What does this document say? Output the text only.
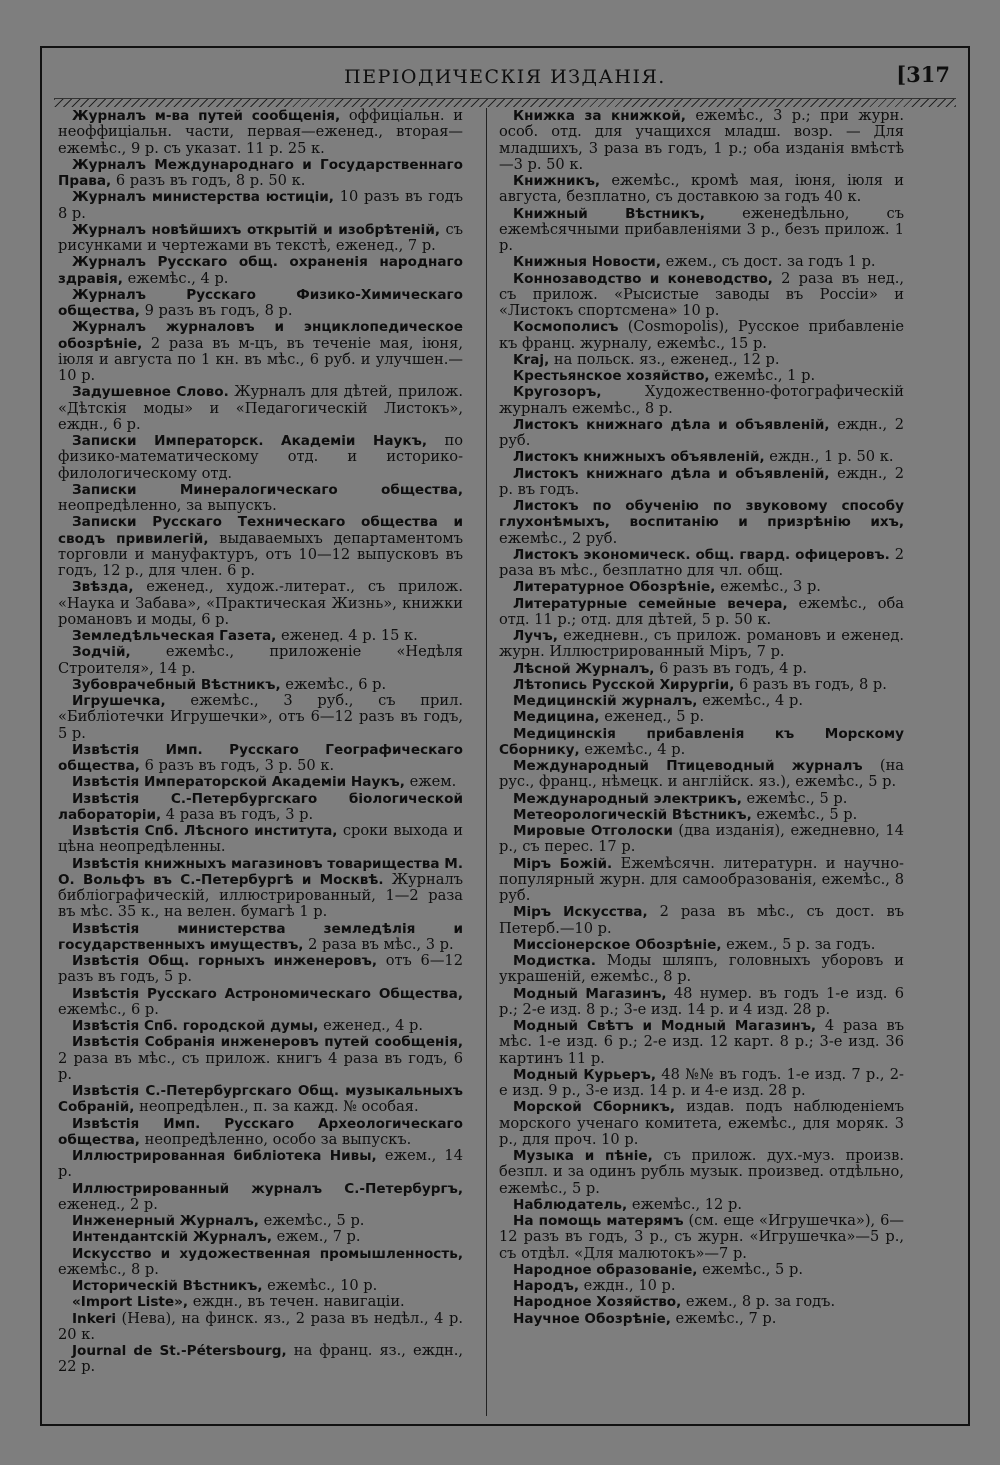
ПЕРІОДИЧЕСКІЯ ИЗДАНІЯ.	[317

Журналъ м-ва путей сообщенія, оффиціальн. и неоффиціальн. части, первая—еженед., вторая—ежемѣс., 9 р. съ указат. 11 р. 25 к.

Журналъ Международнаго и Государственнаго Права, 6 разъ въ годъ, 8 р. 50 к.

Журналъ министерства юстиціи, 10 разъ въ годъ 8 р.

Журналъ новѣйшихъ открытій и изобрѣтеній, съ рисунками и чертежами въ текстѣ, еженед., 7 р.

Журналъ Русскаго общ. охраненія народнаго здравія, ежемѣс., 4 р.

Журналъ Русскаго Физико-Химическаго общества, 9 разъ въ годъ, 8 р.

Журналъ журналовъ и энциклопедическое обозрѣніе, 2 раза въ м-цъ, въ теченіе мая, іюня, іюля и августа по 1 кн. въ мѣс., 6 руб. и улучшен.—10 р.

Задушевное Слово. Журналъ для дѣтей, прилож. «Дѣтскія моды» и «Педагогическій Листокъ», еждн., 6 р.

Записки Императорск. Академіи Наукъ, по физико-математическому отд. и историко-филологическому отд.

Записки Минералогическаго общества, неопредѣленно, за выпускъ.

Записки Русскаго Техническаго общества и сводъ привилегій, выдаваемыхъ департаментомъ торговли и мануфактуръ, отъ 10—12 выпусковъ въ годъ, 12 р., для член. 6 р.

Звѣзда, еженед., худож.-литерат., съ прилож. «Наука и Забава», «Практическая Жизнь», книжки романовъ и моды, 6 р.

Земледѣльческая Газета, еженед. 4 р. 15 к.

Зодчій, ежемѣс., приложеніе «Недѣля Строителя», 14 р.

Зубоврачебный Вѣстникъ, ежемѣс., 6 р.

Игрушечка, ежемѣс., 3 руб., съ прил. «Библіотечки Игрушечки», отъ 6—12 разъ въ годъ, 5 р.

Извѣстія Имп. Русскаго Географическаго общества, 6 разъ въ годъ, 3 р. 50 к.

Извѣстія Императорской Академіи Наукъ, ежем.

Извѣстія С.-Петербургскаго біологической лабораторіи, 4 раза въ годъ, 3 р.

Извѣстія Спб. Лѣсного института, сроки выхода и цѣна неопредѣленны.

Извѣстія книжныхъ магазиновъ товарищества М. О. Вольфъ въ С.-Петербургѣ и Москвѣ. Журналъ библіографическій, иллюстрированный, 1—2 раза въ мѣс. 35 к., на велен. бумагѣ 1 р.

Извѣстія министерства земледѣлія и государственныхъ имуществъ, 2 раза въ мѣс., 3 р.

Извѣстія Общ. горныхъ инженеровъ, отъ 6—12 разъ въ годъ, 5 р.

Извѣстія Русскаго Астрономическаго Общества, ежемѣс., 6 р.

Извѣстія Спб. городской думы, еженед., 4 р.

Извѣстія Собранія инженеровъ путей сообщенія, 2 раза въ мѣс., съ прилож. книгъ 4 раза въ годъ, 6 р.

Извѣстія С.-Петербургскаго Общ. музыкальныхъ Собраній, неопредѣлен., п. за кажд. № особая.

Извѣстія Имп. Русскаго Археологическаго общества, неопредѣленно, особо за выпускъ.

Иллюстрированная библіотека Нивы, ежем., 14 р.

Иллюстрированный журналъ С.-Петербургъ, еженед., 2 р.

Инженерный Журналъ, ежемѣс., 5 р.

Интендантскій Журналъ, ежем., 7 р.

Искусство и художественная промышленность, ежемѣс., 8 р.

Историческій Вѣстникъ, ежемѣс., 10 р.

«Import Liste», еждн., въ течен. навигаціи.

Inkeri (Нева), на финск. яз., 2 раза въ недѣл., 4 р. 20 к.

Journal de St.-Pétersbourg, на франц. яз., еждн., 22 р.

Книжка за книжкой, ежемѣс., 3 р.; при журн. особ. отд. для учащихся младш. возр. — Для младшихъ, 3 раза въ годъ, 1 р.; оба изданія вмѣстѣ—3 р. 50 к.

Книжникъ, ежемѣс., кромѣ мая, іюня, іюля и августа, безплатно, съ доставкою за годъ 40 к.

Книжный Вѣстникъ, еженедѣльно, съ ежемѣсячными прибавленіями 3 р., безъ прилож. 1 р.

Книжныя Новости, ежем., съ дост. за годъ 1 р.

Коннозаводство и коневодство, 2 раза въ нед., съ прилож. «Рысистые заводы въ Россіи» и «Листокъ спортсмена» 10 р.

Космополисъ (Cosmopolis), Русское прибавленіе къ франц. журналу, ежемѣс., 15 р.

Kraj, на польск. яз., еженед., 12 р.

Крестьянское хозяйство, ежемѣс., 1 р.

Кругозоръ, Художественно-фотографическій журналъ ежемѣс., 8 р.

Листокъ книжнаго дѣла и объявленій, еждн., 2 руб.

Листокъ книжныхъ объявленій, еждн., 1 р. 50 к.

Листокъ книжнаго дѣла и объявленій, еждн., 2 р. въ годъ.

Листокъ по обученію по звуковому способу глухонѣмыхъ, воспитанію и призрѣнію ихъ, ежемѣс., 2 руб.

Листокъ экономическ. общ. гвард. офицеровъ. 2 раза въ мѣс., безплатно для чл. общ.

Литературное Обозрѣніе, ежемѣс., 3 р.

Литературные семейные вечера, ежемѣс., оба отд. 11 р.; отд. для дѣтей, 5 р. 50 к.

Лучъ, ежедневн., съ прилож. романовъ и еженед. журн. Иллюстрированный Міръ, 7 р.

Лѣсной Журналъ, 6 разъ въ годъ, 4 р.

Лѣтопись Русской Хирургіи, 6 разъ въ годъ, 8 р.

Медицинскій журналъ, ежемѣс., 4 р.

Медицина, еженед., 5 р.

Медицинскія прибавленія къ Морскому Сборнику, ежемѣс., 4 р.

Международный Птицеводный журналъ (на рус., франц., нѣмецк. и англійск. яз.), ежемѣс., 5 р.

Международный электрикъ, ежемѣс., 5 р.

Метеорологическій Вѣстникъ, ежемѣс., 5 р.

Мировые Отголоски (два изданія), ежедневно, 14 р., съ перес. 17 р.

Міръ Божій. Ежемѣсячн. литературн. и научно-популярный журн. для самообразованія, ежемѣс., 8 руб.

Міръ Искусства, 2 раза въ мѣс., съ дост. въ Петерб.—10 р.

Миссіонерское Обозрѣніе, ежем., 5 р. за годъ.

Модистка. Моды шляпъ, головныхъ уборовъ и украшеній, ежемѣс., 8 р.

Модный Магазинъ, 48 нумер. въ годъ 1-е изд. 6 р.; 2-е изд. 8 р.; 3-е изд. 14 р. и 4 изд. 28 р.

Модный Свѣтъ и Модный Магазинъ, 4 раза въ мѣс. 1-е изд. 6 р.; 2-е изд. 12 карт. 8 р.; 3-е изд. 36 картинъ 11 р.

Модный Курьеръ, 48 №№ въ годъ. 1-е изд. 7 р., 2-е изд. 9 р., 3-е изд. 14 р. и 4-е изд. 28 р.

Морской Сборникъ, издав. подъ наблюденіемъ морского ученаго комитета, ежемѣс., для моряк. 3 р., для проч. 10 р.

Музыка и пѣніе, съ прилож. дух.-муз. произв. безпл. и за одинъ рубль музык. произвед. отдѣльно, ежемѣс., 5 р.

Наблюдатель, ежемѣс., 12 р.

На помощь матерямъ (см. еще «Игрушечка»), 6—12 разъ въ годъ, 3 р., съ журн. «Игрушечка»—5 р., съ отдѣл. «Для малютокъ»—7 р.

Народное образованіе, ежемѣс., 5 р.

Народъ, еждн., 10 р.

Народное Хозяйство, ежем., 8 р. за годъ.

Научное Обозрѣніе, ежемѣс., 7 р.
